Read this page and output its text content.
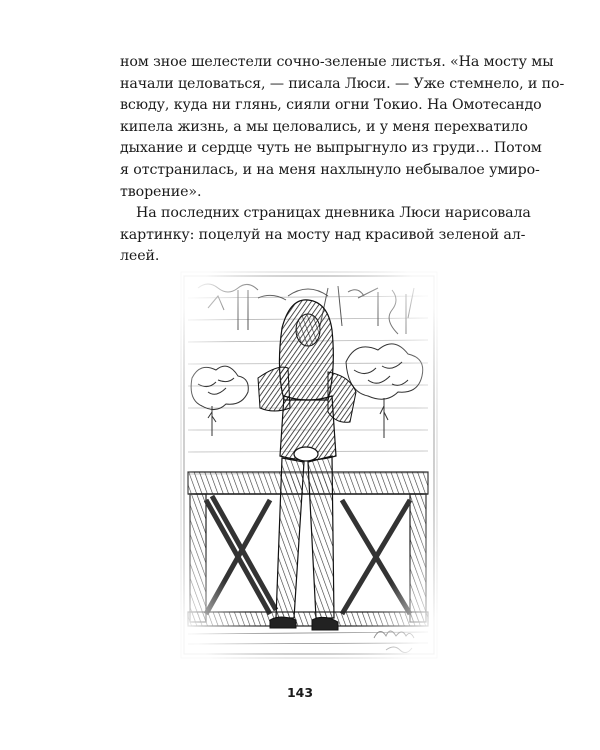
ном зное шелестели сочно-зеленые листья. «На мосту мы
начали целоваться, — писала Люси. — Уже стемнело, и по-
всюду, куда ни глянь, сияли огни Токио. На Омотесандо
кипела жизнь, а мы целовались, и у меня перехватило
дыхание и сердце чуть не выпрыгнуло из груди… Потом
я отстранилась, и на меня нахлынуло небывалое умиро-
творение».
На последних страницах дневника Люси нарисовала
картинку: поцелуй на мосту над красивой зеленой ал-
леей.
143
